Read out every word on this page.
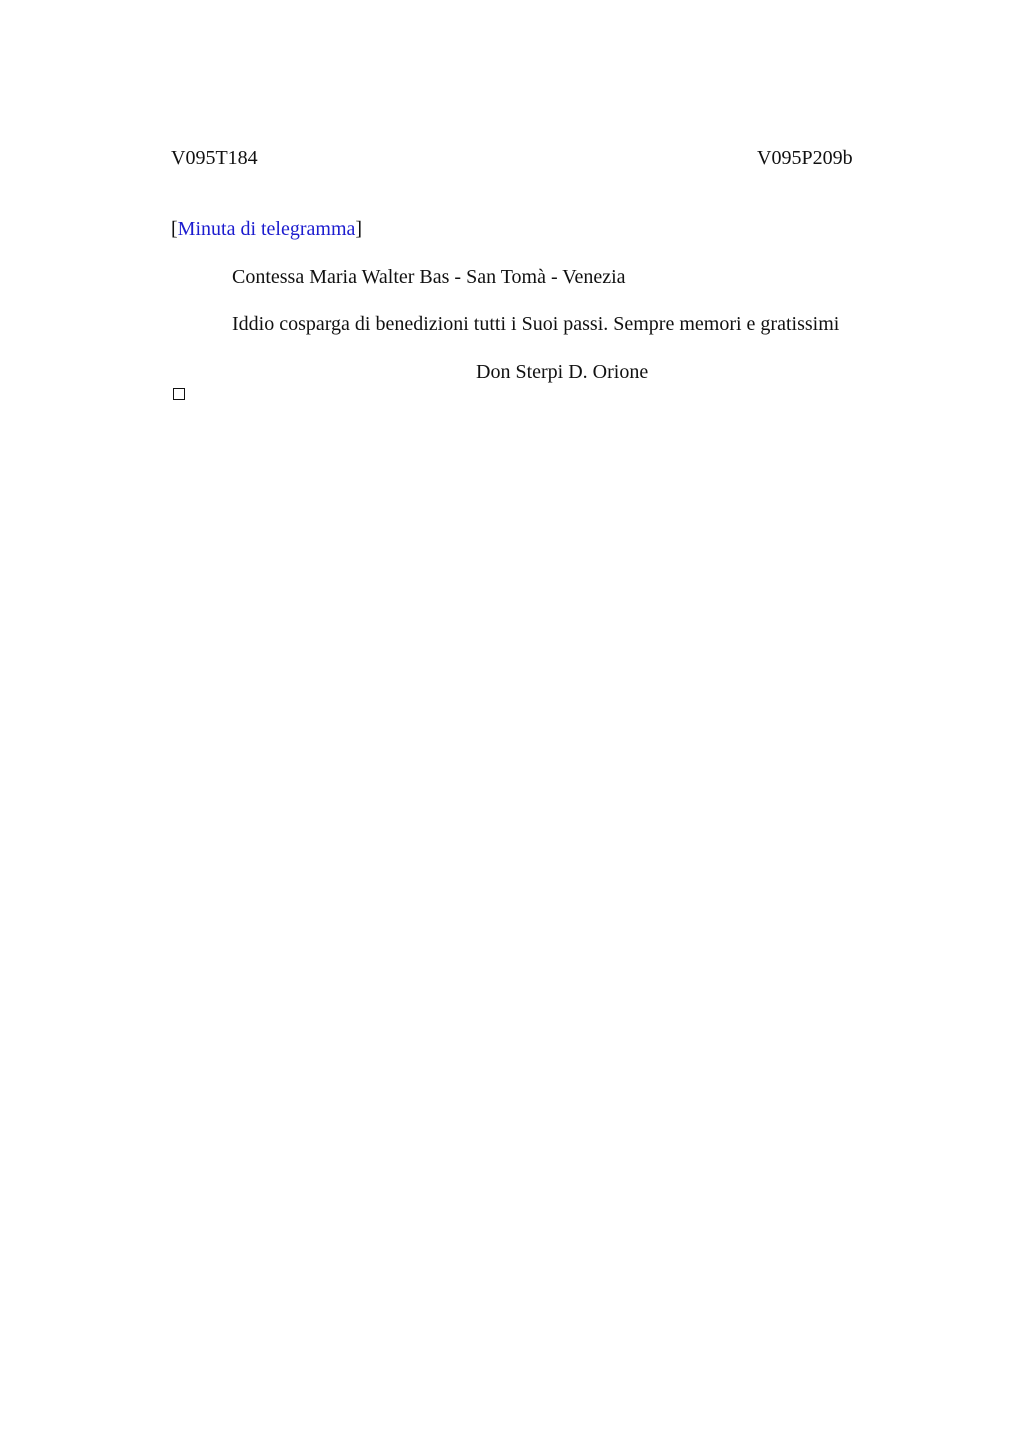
V095T184	V095P209b
[Minuta di telegramma]
Contessa Maria Walter Bas - San Tomà - Venezia
Iddio cosparga di benedizioni tutti i Suoi passi. Sempre memori e gratissimi
Don Sterpi D. Orione
